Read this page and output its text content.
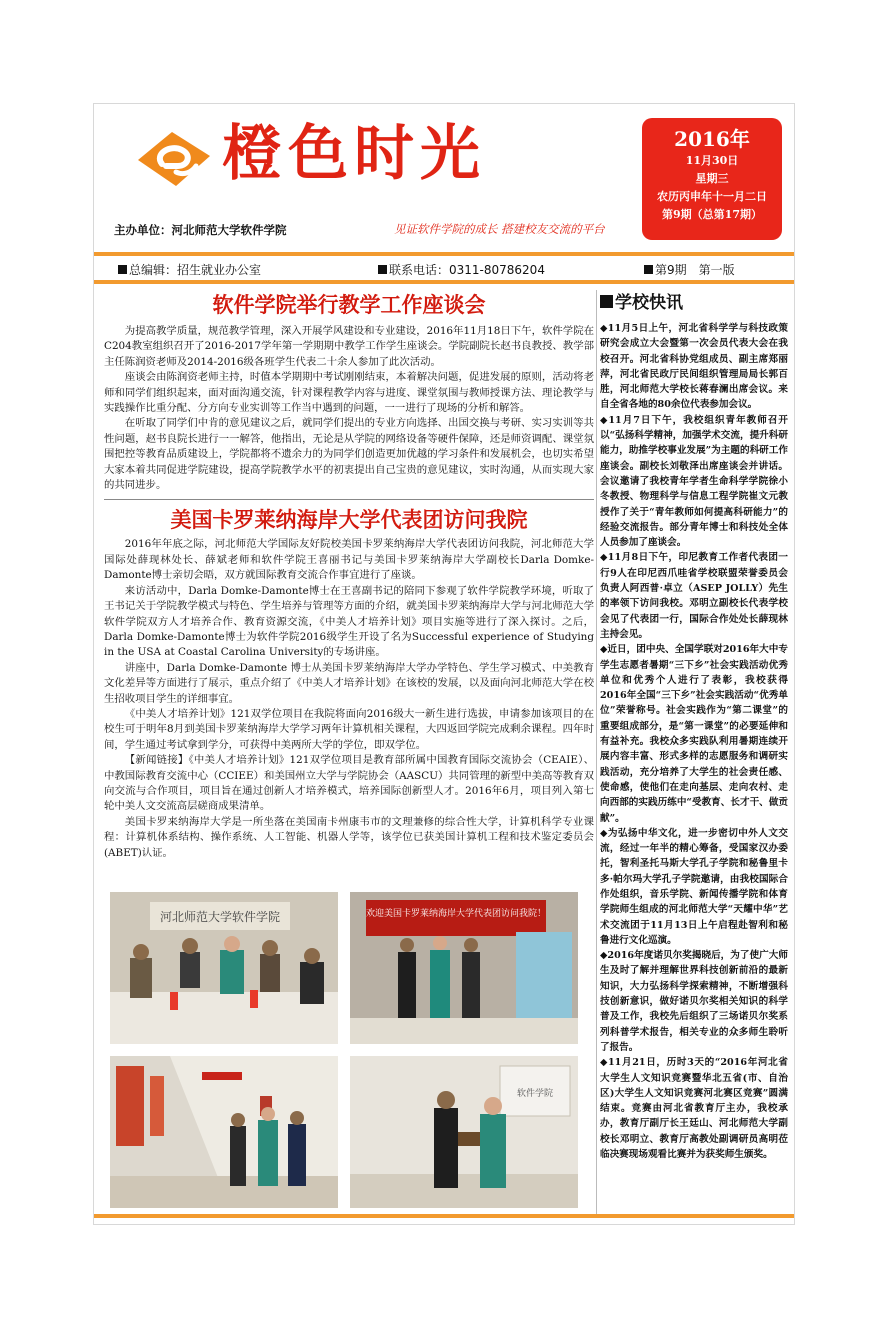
橙色时光
主办单位：河北师范大学软件学院	见证软件学院的成长 搭建校友交流的平台
2016年
11月30日
星期三
农历丙申年十一月二日
第9期（总第17期）
总编辑：招生就业办公室	联系电话：0311-80786204	第9期　第一版
软件学院举行教学工作座谈会

为提高教学质量，规范教学管理，深入开展学风建设和专业建设，2016年11月18日下午，软件学院在C204教室组织召开了2016-2017学年第一学期期中教学工作学生座谈会。学院副院长赵书良教授、教学部主任陈润资老师及2014-2016级各班学生代表二十余人参加了此次活动。

座谈会由陈润资老师主持，时值本学期期中考试刚刚结束，本着解决问题，促进发展的原则，活动将老师和同学们组织起来，面对面沟通交流，针对课程教学内容与进度、课堂氛围与教师授课方法、理论教学与实践操作比重分配、分方向专业实训等工作当中遇到的问题，一一进行了现场的分析和解答。

在听取了同学们中肯的意见建议之后，就同学们提出的专业方向选择、出国交换与考研、实习实训等共性问题，赵书良院长进行一一解答，他指出，无论是从学院的网络设备等硬件保障，还是师资调配、课堂氛围把控等教育品质建设上，学院都将不遗余力的为同学们创造更加优越的学习条件和发展机会，也切实希望大家本着共同促进学院建设，提高学院教学水平的初衷提出自己宝贵的意见建议，实时沟通，从而实现大家的共同进步。

美国卡罗莱纳海岸大学代表团访问我院

2016年年底之际，河北师范大学国际友好院校美国卡罗莱纳海岸大学代表团访问我院，河北师范大学国际处薛现林处长、薛斌老师和软件学院王喜丽书记与美国卡罗莱纳海岸大学副校长Darla Domke-Damonte博士亲切会晤，双方就国际教育交流合作事宜进行了座谈。

来访活动中，Darla Domke-Damonte博士在王喜副书记的陪同下参观了软件学院教学环境，听取了王书记关于学院教学模式与特色、学生培养与管理等方面的介绍，就美国卡罗莱纳海岸大学与河北师范大学软件学院双方人才培养合作、教育资源交流，《中美人才培养计划》项目实施等进行了深入探讨。之后，Darla Domke-Damonte博士为软件学院2016级学生开设了名为Successful experience of Studying in the USA at Coastal Carolina University的专场讲座。

讲座中，Darla Domke-Damonte 博士从美国卡罗莱纳海岸大学办学特色、学生学习模式、中美教育文化差异等方面进行了展示，重点介绍了《中美人才培养计划》在该校的发展，以及面向河北师范大学在校生招收项目学生的详细事宜。

《中美人才培养计划》121双学位项目在我院将面向2016级大一新生进行选拔，申请参加该项目的在校生可于明年8月到美国卡罗莱纳海岸大学学习两年计算机相关课程，大四返回学院完成剩余课程。四年时间，学生通过考试拿到学分，可获得中美两所大学的学位，即双学位。

【新闻链接】《中美人才培养计划》121双学位项目是教育部所属中国教育国际交流协会（CEAIE）、中教国际教育交流中心（CCIEE）和美国州立大学与学院协会（AASCU）共同管理的新型中美高等教育双向交流与合作项目，项目旨在通过创新人才培养模式，培养国际创新型人才。2016年6月，项目列入第七轮中美人文交流高层磋商成果清单。

美国卡罗来纳海岸大学是一所坐落在美国南卡州康韦市的文理兼修的综合性大学，计算机科学专业课程：计算机体系结构、操作系统、人工智能、机器人学等，该学位已获美国计算机工程和技术鉴定委员会(ABET)认证。

河北师范大学软件学院	欢迎美国卡罗莱纳海岸大学代表团访问我院！
软件学院
学校快讯

◆11月5日上午，河北省科学学与科技政策研究会成立大会暨第一次会员代表大会在我校召开。河北省科协党组成员、副主席郑丽萍，河北省民政厅民间组织管理局局长郭百胜，河北师范大学校长蒋春澜出席会议。来自全省各地的80余位代表参加会议。

◆11月7日下午，我校组织青年教师召开以“弘扬科学精神，加强学术交流，提升科研能力，助推学校事业发展”为主题的科研工作座谈会。副校长刘敬泽出席座谈会并讲话。会议邀请了我校青年学者生命科学学院徐小冬教授、物理科学与信息工程学院崔文元教授作了关于“青年教师如何提高科研能力”的经验交流报告。部分青年博士和科技处全体人员参加了座谈会。

◆11月8日下午，印尼教育工作者代表团一行9人在印尼西爪哇省学校联盟荣誉委员会负责人阿西普·卓立（ASEP JOLLY）先生的率领下访问我校。邓明立副校长代表学校会见了代表团一行，国际合作处处长薛现林主持会见。

◆近日，团中央、全国学联对2016年大中专学生志愿者暑期“三下乡”社会实践活动优秀单位和优秀个人进行了表彰，我校获得2016年全国“三下乡”社会实践活动“优秀单位”荣誉称号。社会实践作为“第二课堂”的重要组成部分，是“第一课堂”的必要延伸和有益补充。我校众多实践队利用暑期连续开展内容丰富、形式多样的志愿服务和调研实践活动，充分培养了大学生的社会责任感、使命感，使他们在走向基层、走向农村、走向西部的实践历练中“受教育、长才干、做贡献”。

◆为弘扬中华文化，进一步密切中外人文交流，经过一年半的精心筹备，受国家汉办委托，智利圣托马斯大学孔子学院和秘鲁里卡多·帕尔玛大学孔子学院邀请，由我校国际合作处组织，音乐学院、新闻传播学院和体育学院师生组成的河北师范大学“天耀中华”艺术交流团于11月13日上午启程赴智利和秘鲁进行文化巡演。

◆2016年度诺贝尔奖揭晓后，为了使广大师生及时了解并理解世界科技创新前沿的最新知识，大力弘扬科学探索精神，不断增强科技创新意识，做好诺贝尔奖相关知识的科学普及工作，我校先后组织了三场诺贝尔奖系列科普学术报告，相关专业的众多师生聆听了报告。

◆11月21日，历时3天的“2016年河北省大学生人文知识竞赛暨华北五省(市、自治区)大学生人文知识竞赛河北赛区竞赛”圆满结束。竞赛由河北省教育厅主办，我校承办，教育厅副厅长王廷山、河北师范大学副校长邓明立、教育厅高教处副调研员高明莅临决赛现场观看比赛并为获奖师生颁奖。
